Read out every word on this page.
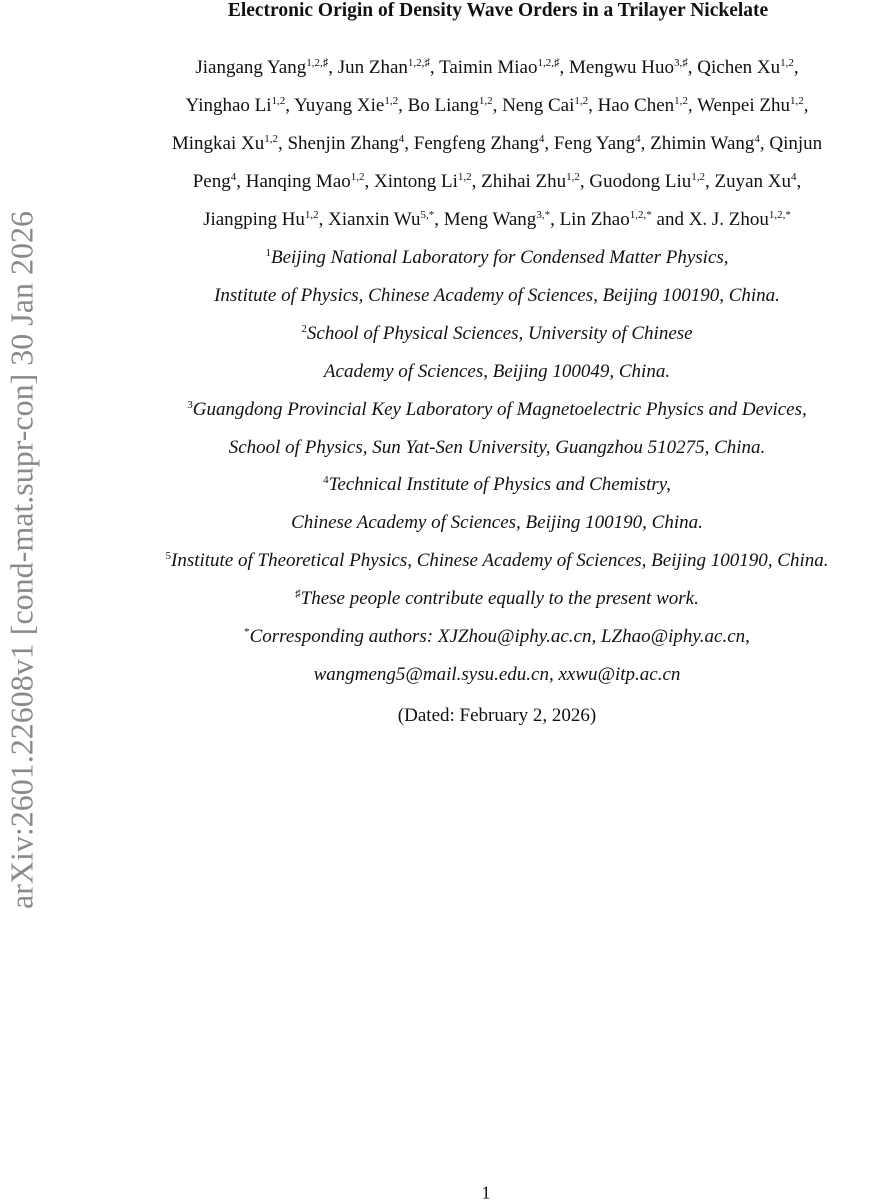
arXiv:2601.22608v1 [cond-mat.supr-con] 30 Jan 2026
Electronic Origin of Density Wave Orders in a Trilayer Nickelate
Jiangang Yang$^{1,2,♯}$, Jun Zhan$^{1,2,♯}$, Taimin Miao$^{1,2,♯}$, Mengwu Huo$^{3,♯}$, Qichen Xu$^{1,2}$,
Yinghao Li$^{1,2}$, Yuyang Xie$^{1,2}$, Bo Liang$^{1,2}$, Neng Cai$^{1,2}$, Hao Chen$^{1,2}$, Wenpei Zhu$^{1,2}$,
Mingkai Xu$^{1,2}$, Shenjin Zhang$^4$, Fengfeng Zhang$^4$, Feng Yang$^4$, Zhimin Wang$^4$, Qinjun
Peng$^4$, Hanqing Mao$^{1,2}$, Xintong Li$^{1,2}$, Zhihai Zhu$^{1,2}$, Guodong Liu$^{1,2}$, Zuyan Xu$^4$,
Jiangping Hu$^{1,2}$, Xianxin $Wu^{5,*}$, Meng Wang$^{3,*}$, Lin Zhao$^{1,2,*}$ and X. J. Zhou$^{1,2,*}$
$^1$Beijing National Laboratory for Condensed Matter Physics,
Institute of Physics, Chinese Academy of Sciences, Beijing 100190, China.
$^2$School of Physical Sciences, University of Chinese
Academy of Sciences, Beijing 100049, China.
$^3$Guangdong Provincial Key Laboratory of Magnetoelectric Physics and Devices,
School of Physics, Sun Yat-Sen University, Guangzhou 510275, China.
$^4$Technical Institute of Physics and Chemistry,
Chinese Academy of Sciences, Beijing 100190, China.
$^5$Institute of Theoretical Physics, Chinese Academy of Sciences, Beijing 100190, China.
♯These people contribute equally to the present work.
*Corresponding authors: XJZhou@iphy.ac.cn, LZhao@iphy.ac.cn,
wangmeng5@mail.sysu.edu.cn, xxwu@itp.ac.cn
(Dated: February 2, 2026)
1
